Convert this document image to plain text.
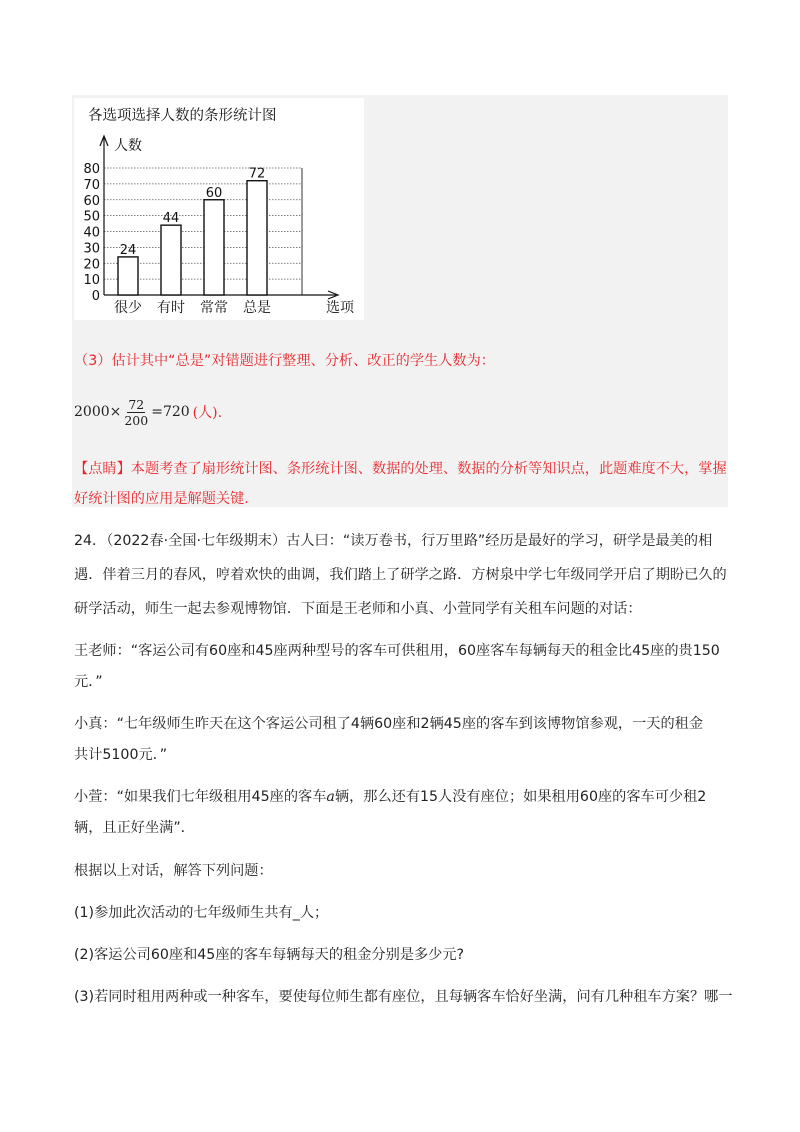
各选项选择人数的条形统计图
人数
选项
0
10
20
30
40
50
60
70
80
24
44
60
72
很少 有时 常常 总是
（3）估计其中“总是”对错题进行整理、分析、改正的学生人数为：
$2000\times \frac{72}{200} =720$ (人).
【点睛】本题考查了扇形统计图、条形统计图、数据的处理、数据的分析等知识点，此题难度不大，掌握
好统计图的应用是解题关键.
24．（2022春·全国·七年级期末）古人曰：“读万卷书，行万里路”经历是最好的学习，研学是最美的相
遇．伴着三月的春风，哼着欢快的曲调，我们踏上了研学之路．方树泉中学七年级同学开启了期盼已久的
研学活动，师生一起去参观博物馆．下面是王老师和小真、小萱同学有关租车问题的对话：
王老师：“客运公司有60座和45座两种型号的客车可供租用，60座客车每辆每天的租金比45座的贵150
元．”
小真：“七年级师生昨天在这个客运公司租了4辆60座和2辆45座的客车到该博物馆参观，一天的租金
共计5100元．”
小萱：“如果我们七年级租用45座的客车a辆，那么还有15人没有座位；如果租用60座的客车可少租2
辆，且正好坐满”．
根据以上对话，解答下列问题：
(1)参加此次活动的七年级师生共有_人；
(2)客运公司60座和45座的客车每辆每天的租金分别是多少元?
(3)若同时租用两种或一种客车，要使每位师生都有座位，且每辆客车恰好坐满，问有几种租车方案？哪一
